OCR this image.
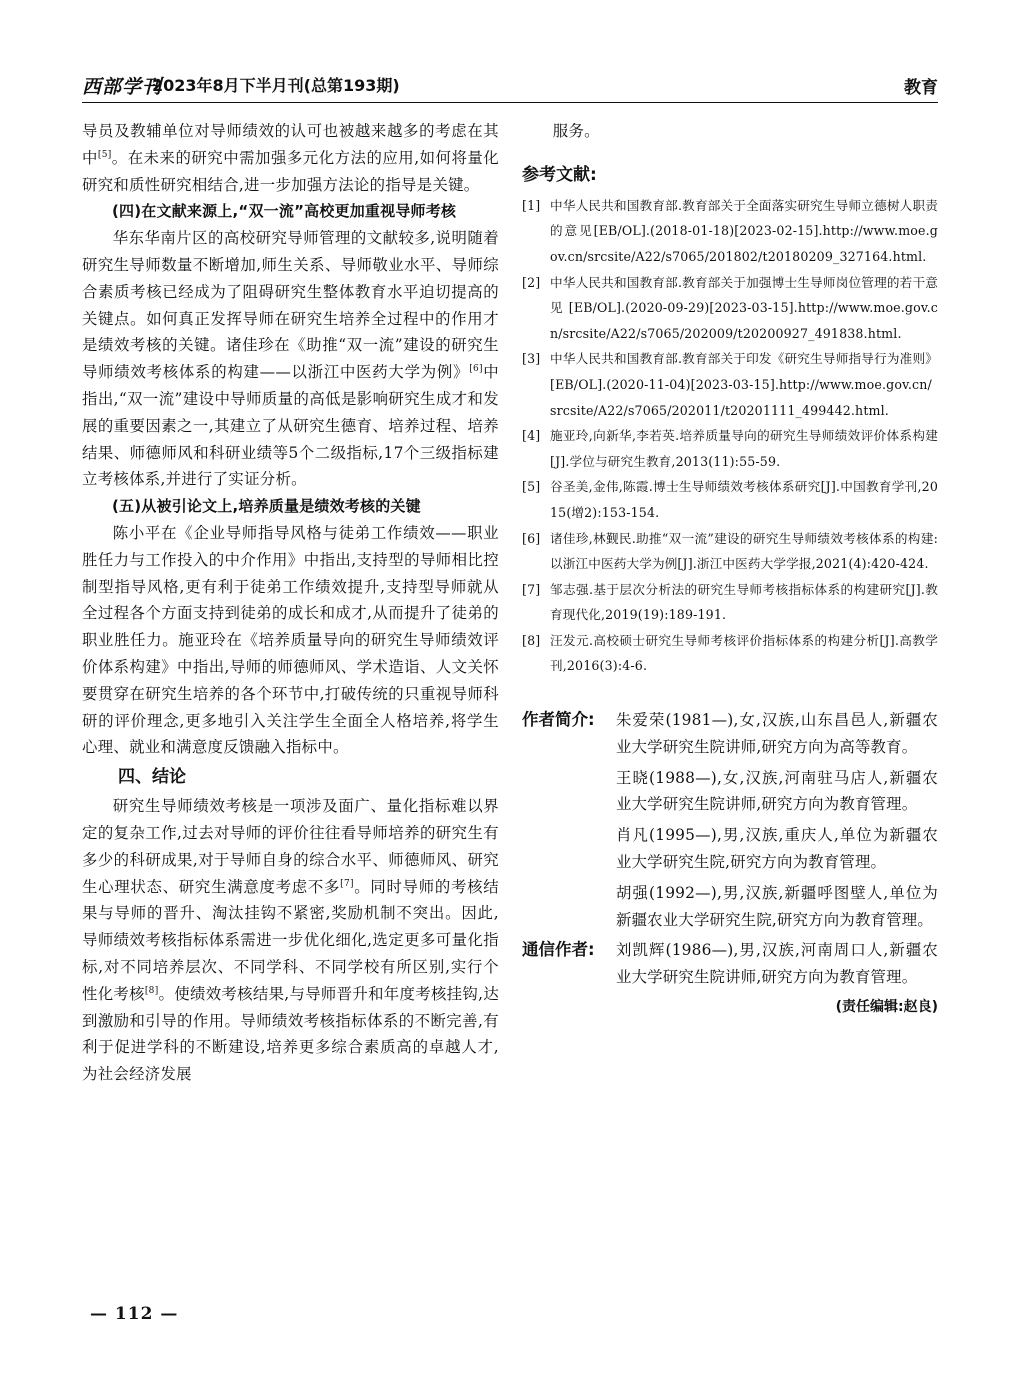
西部学刊
2023年8月下半月刊(总第193期)	教育

导员及教辅单位对导师绩效的认可也被越来越多的考虑在其中[5]。在未来的研究中需加强多元化方法的应用,如何将量化研究和质性研究相结合,进一步加强方法论的指导是关键。

(四)在文献来源上,“双一流”高校更加重视导师考核

华东华南片区的高校研究导师管理的文献较多,说明随着研究生导师数量不断增加,师生关系、导师敬业水平、导师综合素质考核已经成为了阻碍研究生整体教育水平迫切提高的关键点。如何真正发挥导师在研究生培养全过程中的作用才是绩效考核的关键。诸佳珍在《助推“双一流”建设的研究生导师绩效考核体系的构建——以浙江中医药大学为例》[6]中指出,“双一流”建设中导师质量的高低是影响研究生成才和发展的重要因素之一,其建立了从研究生德育、培养过程、培养结果、师德师风和科研业绩等5个二级指标,17个三级指标建立考核体系,并进行了实证分析。

(五)从被引论文上,培养质量是绩效考核的关键

陈小平在《企业导师指导风格与徒弟工作绩效——职业胜任力与工作投入的中介作用》中指出,支持型的导师相比控制型指导风格,更有利于徒弟工作绩效提升,支持型导师就从全过程各个方面支持到徒弟的成长和成才,从而提升了徒弟的职业胜任力。施亚玲在《培养质量导向的研究生导师绩效评价体系构建》中指出,导师的师德师风、学术造诣、人文关怀要贯穿在研究生培养的各个环节中,打破传统的只重视导师科研的评价理念,更多地引入关注学生全面全人格培养,将学生心理、就业和满意度反馈融入指标中。

四、结论

研究生导师绩效考核是一项涉及面广、量化指标难以界定的复杂工作,过去对导师的评价往往看导师培养的研究生有多少的科研成果,对于导师自身的综合水平、师德师风、研究生心理状态、研究生满意度考虑不多[7]。同时导师的考核结果与导师的晋升、淘汰挂钩不紧密,奖励机制不突出。因此,导师绩效考核指标体系需进一步优化细化,选定更多可量化指标,对不同培养层次、不同学科、不同学校有所区别,实行个性化考核[8]。使绩效考核结果,与导师晋升和年度考核挂钩,达到激励和引导的作用。导师绩效考核指标体系的不断完善,有利于促进学科的不断建设,培养更多综合素质高的卓越人才,为社会经济发展

服务。

参考文献:
[1] 中华人民共和国教育部.教育部关于全面落实研究生导师立德树人职责的意见[EB/OL].(2018-01-18)[2023-02-15].http://www.moe.gov.cn/srcsite/A22/s7065/201802/t20180209_327164.html.
[2] 中华人民共和国教育部.教育部关于加强博士生导师岗位管理的若干意见[EB/OL].(2020-09-29)[2023-03-15].http://www.moe.gov.cn/srcsite/A22/s7065/202009/t20200927_491838.html.
[3] 中华人民共和国教育部.教育部关于印发《研究生导师指导行为准则》[EB/OL].(2020-11-04)[2023-03-15].http://www.moe.gov.cn/srcsite/A22/s7065/202011/t20201111_499442.html.
[4] 施亚玲,向新华,李若英.培养质量导向的研究生导师绩效评价体系构建[J].学位与研究生教育,2013(11):55-59.
[5] 谷圣美,金伟,陈霞.博士生导师绩效考核体系研究[J].中国教育学刊,2015(增2):153-154.
[6] 诸佳珍,林觐民.助推“双一流”建设的研究生导师绩效考核体系的构建:以浙江中医药大学为例[J].浙江中医药大学学报,2021(4):420-424.
[7] 邹志强.基于层次分析法的研究生导师考核指标体系的构建研究[J].教育现代化,2019(19):189-191.
[8] 汪发元.高校硕士研究生导师考核评价指标体系的构建分析[J].高教学刊,2016(3):4-6.
作者简介: 朱爱荣(1981—),女,汉族,山东昌邑人,新疆农业大学研究生院讲师,研究方向为高等教育。

王晓(1988—),女,汉族,河南驻马店人,新疆农业大学研究生院讲师,研究方向为教育管理。

肖凡(1995—),男,汉族,重庆人,单位为新疆农业大学研究生院,研究方向为教育管理。

胡强(1992—),男,汉族,新疆呼图壁人,单位为新疆农业大学研究生院,研究方向为教育管理。

通信作者: 刘凯辉(1986—),男,汉族,河南周口人,新疆农业大学研究生院讲师,研究方向为教育管理。

(责任编辑:赵良)
— 112 —
